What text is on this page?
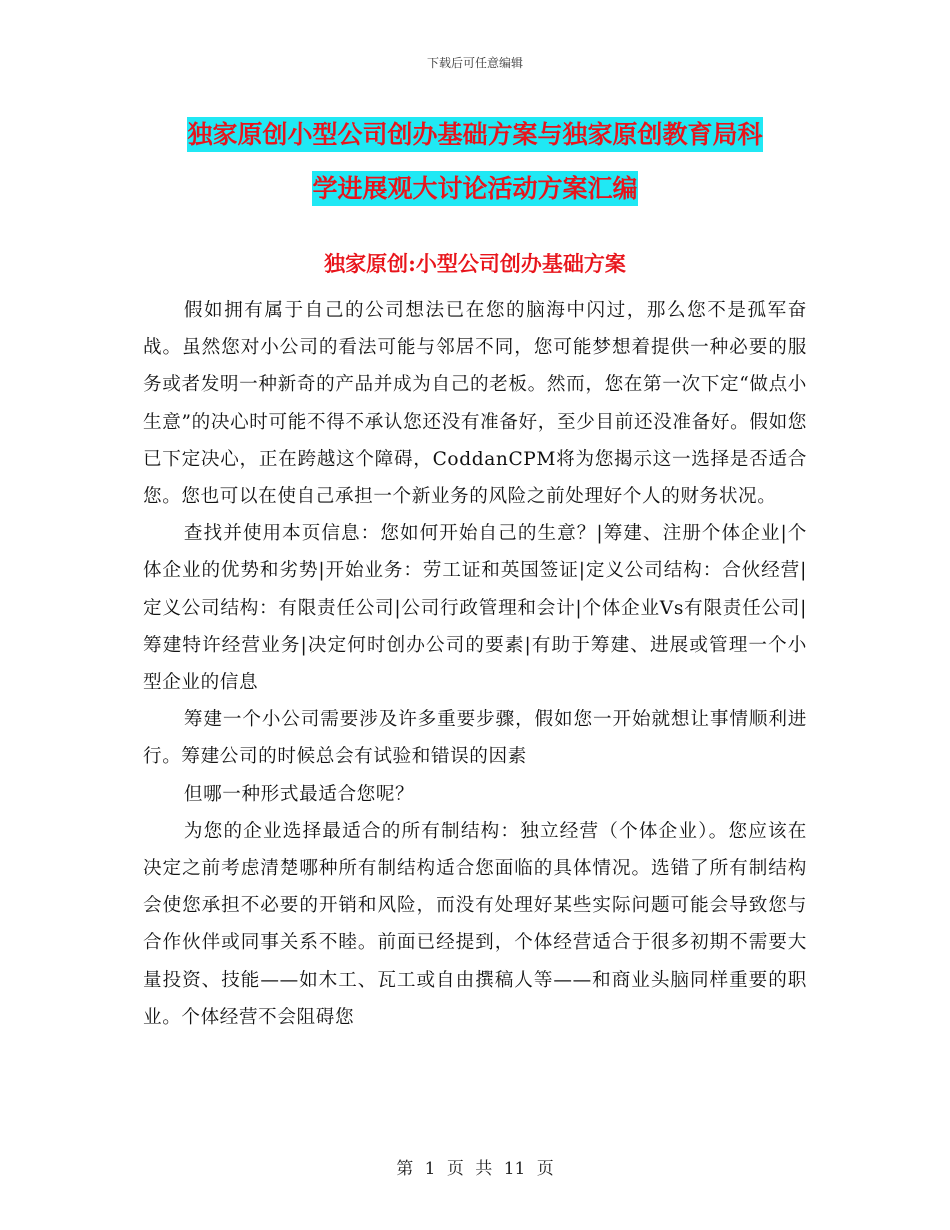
下载后可任意编辑
独家原创小型公司创办基础方案与独家原创教育局科
学进展观大讨论活动方案汇编
独家原创:小型公司创办基础方案

假如拥有属于自己的公司想法已在您的脑海中闪过，那么您不是孤军奋战。虽然您对小公司的看法可能与邻居不同，您可能梦想着提供一种必要的服务或者发明一种新奇的产品并成为自己的老板。然而，您在第一次下定“做点小生意”的决心时可能不得不承认您还没有准备好，至少目前还没准备好。假如您已下定决心，正在跨越这个障碍，CoddanCPM将为您揭示这一选择是否适合您。您也可以在使自己承担一个新业务的风险之前处理好个人的财务状况。

查找并使用本页信息：您如何开始自己的生意？|筹建、注册个体企业|个体企业的优势和劣势|开始业务：劳工证和英国签证|定义公司结构：合伙经营|定义公司结构：有限责任公司|公司行政管理和会计|个体企业Vs有限责任公司|筹建特许经营业务|决定何时创办公司的要素|有助于筹建、进展或管理一个小型企业的信息

筹建一个小公司需要涉及许多重要步骤，假如您一开始就想让事情顺利进行。筹建公司的时候总会有试验和错误的因素

但哪一种形式最适合您呢？

为您的企业选择最适合的所有制结构：独立经营（个体企业）。您应该在决定之前考虑清楚哪种所有制结构适合您面临的具体情况。选错了所有制结构会使您承担不必要的开销和风险，而没有处理好某些实际问题可能会导致您与合作伙伴或同事关系不睦。前面已经提到，个体经营适合于很多初期不需要大量投资、技能——如木工、瓦工或自由撰稿人等——和商业头脑同样重要的职业。个体经营不会阻碍您

第 1 页 共 11 页
